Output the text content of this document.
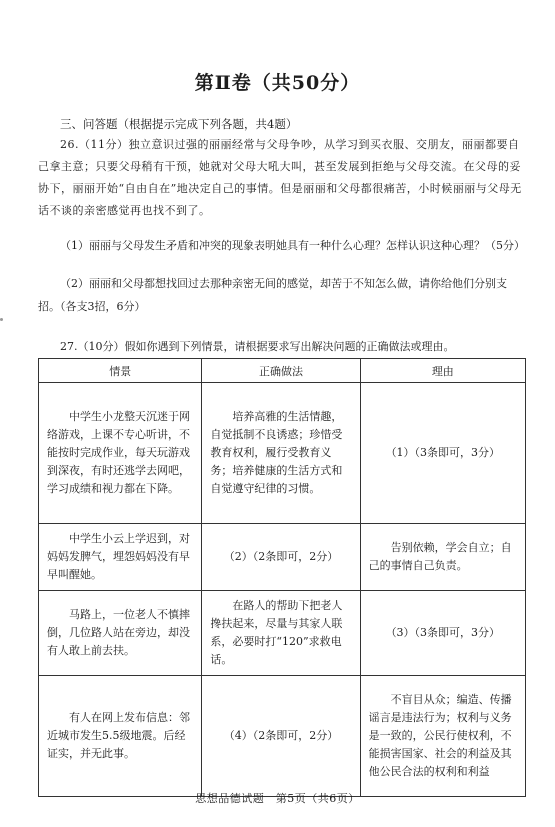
第Ⅱ卷（共50分）
三、问答题（根据提示完成下列各题，共4题）
26.（11分）独立意识过强的丽丽经常与父母争吵，从学习到买衣服、交朋友，丽丽都要自己拿主意；只要父母稍有干预，她就对父母大吼大叫，甚至发展到拒绝与父母交流。在父母的妥协下，丽丽开始“自由自在”地决定自己的事情。但是丽丽和父母都很痛苦，小时候丽丽与父母无话不谈的亲密感觉再也找不到了。
（1）丽丽与父母发生矛盾和冲突的现象表明她具有一种什么心理？怎样认识这种心理？（5分）
（2）丽丽和父母都想找回过去那种亲密无间的感觉，却苦于不知怎么做，请你给他们分别支招。（各支3招，6分）
27.（10分）假如你遇到下列情景，请根据要求写出解决问题的正确做法或理由。
情景	正确做法	理由

中学生小龙整天沉迷于网络游戏，上课不专心听讲，不能按时完成作业，每天玩游戏到深夜，有时还逃学去网吧，学习成绩和视力都在下降。	培养高雅的生活情趣，自觉抵制不良诱惑；珍惜受教育权利，履行受教育义务；培养健康的生活方式和自觉遵守纪律的习惯。	（1）（3条即可，3分）

中学生小云上学迟到，对妈妈发脾气，埋怨妈妈没有早早叫醒她。	（2）（2条即可，2分）	告别依赖，学会自立；自己的事情自己负责。

马路上，一位老人不慎摔倒，几位路人站在旁边，却没有人敢上前去扶。	在路人的帮助下把老人搀扶起来，尽量与其家人联系，必要时打“120”求救电话。	（3）（3条即可，3分）

有人在网上发布信息：邻近城市发生5.5级地震。后经证实，并无此事。	（4）（2条即可，2分）	不盲目从众；编造、传播谣言是违法行为；权利与义务是一致的，公民行使权利，不能损害国家、社会的利益及其他公民合法的权利和利益
思想品德试题　第5页（共6页）
